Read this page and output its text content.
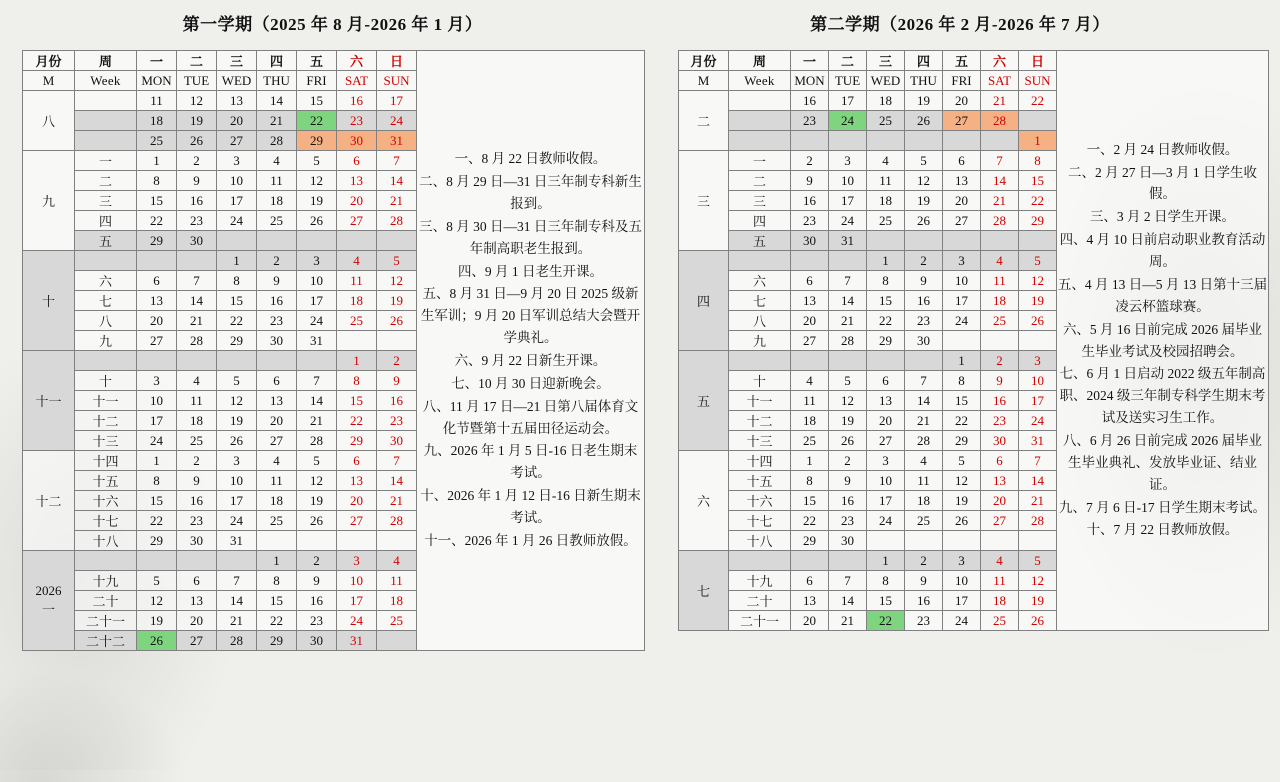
第一学期（2025 年 8 月-2026 年 1 月）	第二学期（2026 年 2 月-2026 年 7 月）
月份	周	一	二	三	四	五	六	日	

一、8 月 22 日教师收假。

二、8 月 29 日—31 日三年制专科新生报到。

三、8 月 30 日—31 日三年制专科及五年制高职老生报到。

四、9 月 1 日老生开课。

五、8 月 31 日—9 月 20 日 2025 级新生军训；9 月 20 日军训总结大会暨开学典礼。

六、9 月 22 日新生开课。

七、10 月 30 日迎新晚会。

八、11 月 17 日—21 日第八届体育文化节暨第十五届田径运动会。

九、2026 年 1 月 5 日-16 日老生期末考试。

十、2026 年 1 月 12 日-16 日新生期末考试。

十一、2026 年 1 月 26 日教师放假。

M	Week	MON	TUE	WED	THU	FRI	SAT	SUN	
八		11	12	13	14	15	16	17	
		18	19	20	21	22	23	24	
		25	26	27	28	29	30	31	
九	一	1	2	3	4	5	6	7	
	二	8	9	10	11	12	13	14	
	三	15	16	17	18	19	20	21	
	四	22	23	24	25	26	27	28	
	五	29	30						
十				1	2	3	4	5	
	六	6	7	8	9	10	11	12	
	七	13	14	15	16	17	18	19	
	八	20	21	22	23	24	25	26	
	九	27	28	29	30	31			
十一							1	2	
	十	3	4	5	6	7	8	9	
	十一	10	11	12	13	14	15	16	
	十二	17	18	19	20	21	22	23	
	十三	24	25	26	27	28	29	30	
十二	十四	1	2	3	4	5	6	7	
	十五	8	9	10	11	12	13	14	
	十六	15	16	17	18	19	20	21	
	十七	22	23	24	25	26	27	28	
	十八	29	30	31					
2026
一					1	2	3	4	
	十九	5	6	7	8	9	10	11	
	二十	12	13	14	15	16	17	18	
	二十一	19	20	21	22	23	24	25	
	二十二	26	27	28	29	30	31		
月份	周	一	二	三	四	五	六	日	

一、2 月 24 日教师收假。

二、2 月 27 日—3 月 1 日学生收假。

三、3 月 2 日学生开课。

四、4 月 10 日前启动职业教育活动周。

五、4 月 13 日—5 月 13 日第十三届凌云杯篮球赛。

六、5 月 16 日前完成 2026 届毕业生毕业考试及校园招聘会。

七、6 月 1 日启动 2022 级五年制高职、2024 级三年制专科学生期末考试及送实习生工作。

八、6 月 26 日前完成 2026 届毕业生毕业典礼、发放毕业证、结业证。

九、7 月 6 日-17 日学生期末考试。

十、7 月 22 日教师放假。

M	Week	MON	TUE	WED	THU	FRI	SAT	SUN	
二		16	17	18	19	20	21	22	
		23	24	25	26	27	28		
								1	
三	一	2	3	4	5	6	7	8	
	二	9	10	11	12	13	14	15	
	三	16	17	18	19	20	21	22	
	四	23	24	25	26	27	28	29	
	五	30	31						
四				1	2	3	4	5	
	六	6	7	8	9	10	11	12	
	七	13	14	15	16	17	18	19	
	八	20	21	22	23	24	25	26	
	九	27	28	29	30				
五						1	2	3	
	十	4	5	6	7	8	9	10	
	十一	11	12	13	14	15	16	17	
	十二	18	19	20	21	22	23	24	
	十三	25	26	27	28	29	30	31	
六	十四	1	2	3	4	5	6	7	
	十五	8	9	10	11	12	13	14	
	十六	15	16	17	18	19	20	21	
	十七	22	23	24	25	26	27	28	
	十八	29	30						
七				1	2	3	4	5	
	十九	6	7	8	9	10	11	12	
	二十	13	14	15	16	17	18	19	
	二十一	20	21	22	23	24	25	26	
